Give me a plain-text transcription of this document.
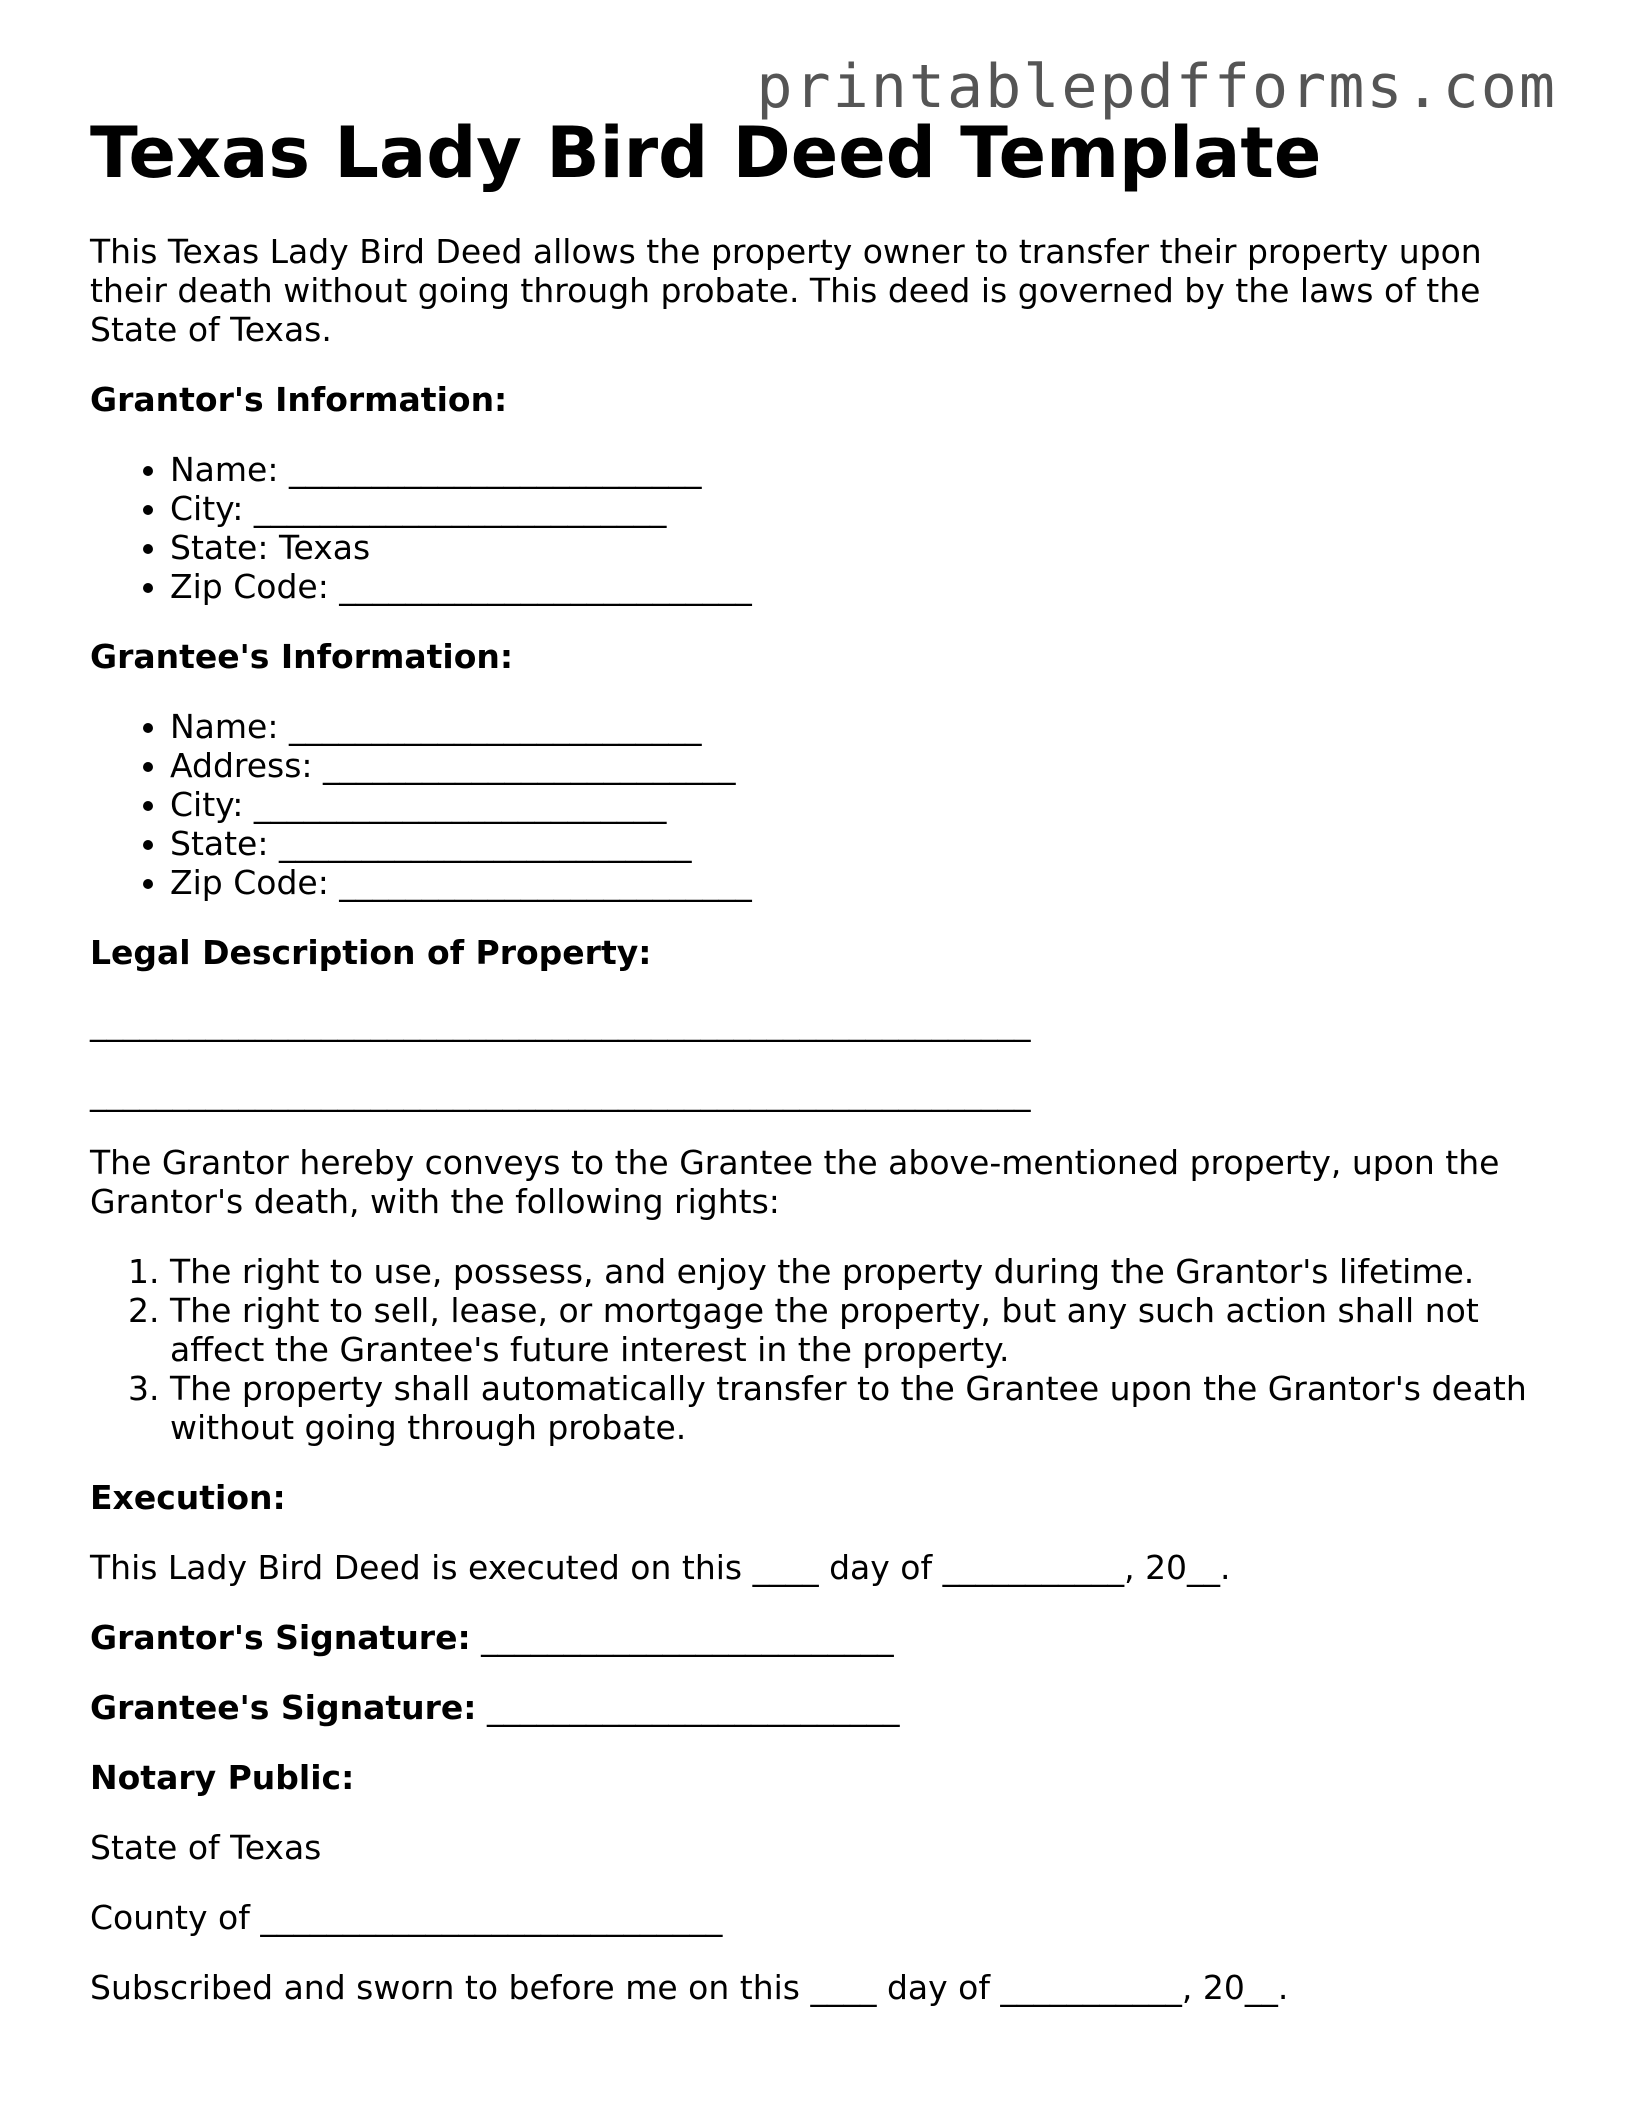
printablepdfforms.com
Texas Lady Bird Deed Template

This Texas Lady Bird Deed allows the property owner to transfer their property upon their death without going through probate. This deed is governed by the laws of the State of Texas.

Grantor's Information:
• Name: _________________________
• City: _________________________
• State: Texas
• Zip Code: _________________________
Grantee's Information:
• Name: _________________________
• Address: _________________________
• City: _________________________
• State: _________________________
• Zip Code: _________________________
Legal Description of Property:

_________________________________________________________

_________________________________________________________

The Grantor hereby conveys to the Grantee the above-mentioned property, upon the Grantor's death, with the following rights:

1. The right to use, possess, and enjoy the property during the Grantor's lifetime.
2. The right to sell, lease, or mortgage the property, but any such action shall not affect the Grantee's future interest in the property.
3. The property shall automatically transfer to the Grantee upon the Grantor's death without going through probate.
Execution:

This Lady Bird Deed is executed on this ____ day of ___________, 20__.

Grantor's Signature: _________________________

Grantee's Signature: _________________________

Notary Public:

State of Texas

County of ____________________________

Subscribed and sworn to before me on this ____ day of ___________, 20__.
